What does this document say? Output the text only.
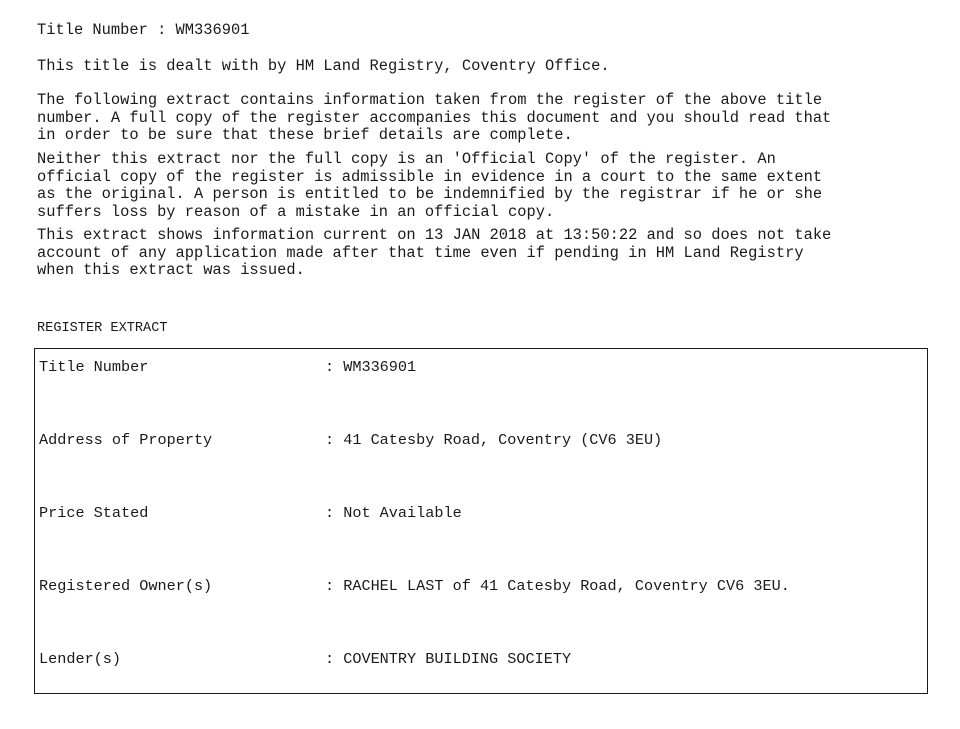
Title Number : WM336901
This title is dealt with by HM Land Registry, Coventry Office.

The following extract contains information taken from the register of the above title
number. A full copy of the register accompanies this document and you should read that
in order to be sure that these brief details are complete.

Neither this extract nor the full copy is an 'Official Copy' of the register. An
official copy of the register is admissible in evidence in a court to the same extent
as the original. A person is entitled to be indemnified by the registrar if he or she
suffers loss by reason of a mistake in an official copy.

This extract shows information current on 13 JAN 2018 at 13:50:22 and so does not take
account of any application made after that time even if pending in HM Land Registry
when this extract was issued.

REGISTER EXTRACT

Title Number

	: WM336901

Address of Property

	: 41 Catesby Road, Coventry (CV6 3EU)

Price Stated

	: Not Available

Registered Owner(s)

	: RACHEL LAST of 41 Catesby Road, Coventry CV6 3EU.

Lender(s)

	: COVENTRY BUILDING SOCIETY
